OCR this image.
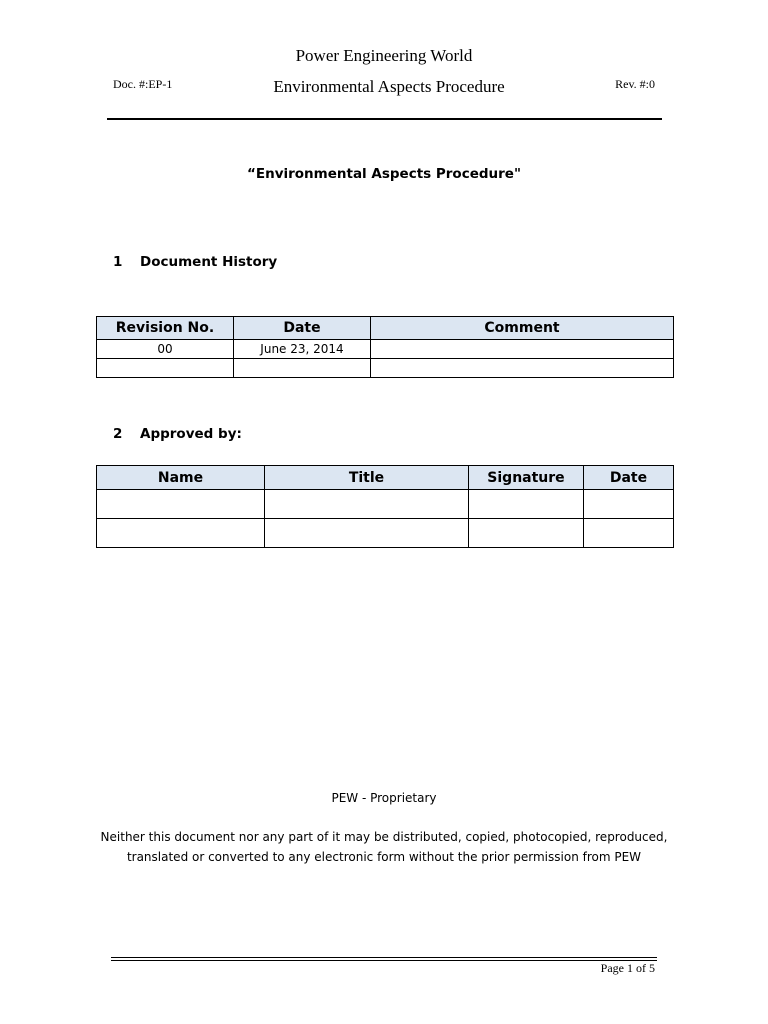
Power Engineering World
Doc. #:EP-1	Environmental Aspects Procedure	Rev. #:0
“Environmental Aspects Procedure"
1	Document History
Revision No.	Date	Comment
00	June 23, 2014	

2	Approved by:
Name	Title	Signature	Date

PEW - Proprietary
Neither this document nor any part of it may be distributed, copied, photocopied, reproduced, translated or converted to any electronic form without the prior permission from PEW
Page 1 of 5
